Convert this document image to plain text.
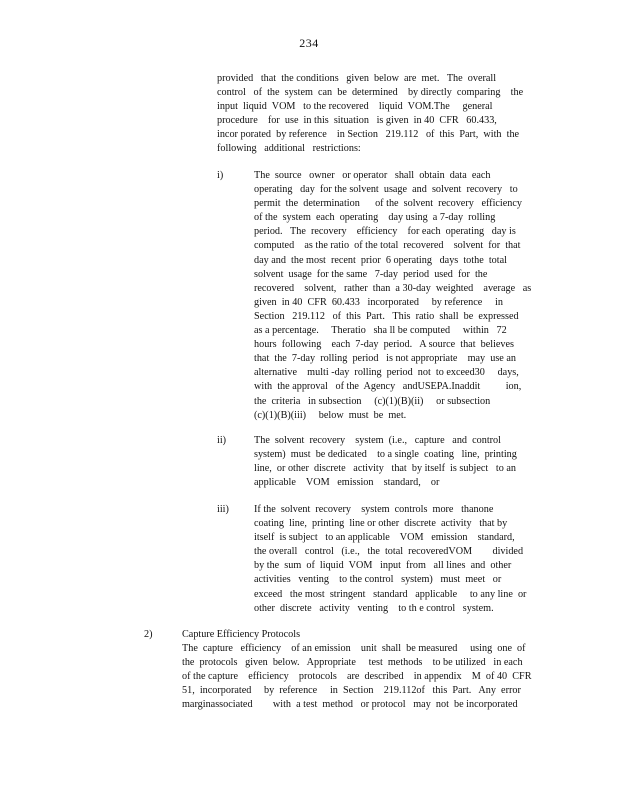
234
provided   that  the conditions   given  below  are  met.   The  overall
control   of  the  system  can  be  determined    by directly  comparing    the
input  liquid  VOM   to the recovered    liquid  VOM.The     general
procedure    for  use  in this  situation   is given  in 40  CFR   60.433,
incor porated  by reference    in Section   219.112   of  this  Part,  with  the
following   additional   restrictions:
i)	The  source   owner   or operator   shall  obtain  data  each
operating   day  for the solvent  usage  and  solvent  recovery   to
permit  the  determination      of the  solvent  recovery   efficiency
of the  system  each  operating    day using  a 7-day  rolling
period.   The  recovery    efficiency    for each  operating   day is
computed    as the ratio  of the total  recovered    solvent  for  that
day and  the most  recent  prior  6 operating   days  tothe  total
solvent  usage  for the same   7-day  period  used  for  the
recovered    solvent,   rather  than  a 30-day  weighted    average   as
given  in 40  CFR  60.433   incorporated     by reference     in
Section   219.112   of  this  Part.   This  ratio  shall  be  expressed
as a percentage.     Theratio   sha ll be computed     within   72
hours  following    each  7-day  period.   A source  that  believes
that  the  7-day  rolling  period   is not appropriate    may  use an
alternative    multi -day  rolling  period  not  to exceed30     days,
with  the approval   of the  Agency   andUSEPA.Inaddit          ion,
the  criteria   in subsection     (c)(1)(B)(ii)     or subsection
(c)(1)(B)(iii)     below  must  be  met.
ii)	The  solvent  recovery    system  (i.e.,   capture   and  control
system)  must  be dedicated    to a single  coating   line,  printing
line,  or other  discrete   activity   that  by itself  is subject   to an
applicable    VOM   emission    standard,    or
iii) If the  solvent  recovery    system  controls  more   thanone
coating  line,  printing  line or other  discrete  activity   that by
itself  is subject   to an applicable    VOM   emission    standard,
the overall   control   (i.e.,   the  total  recoveredVOM        divided
by the  sum  of  liquid  VOM   input  from   all lines  and  other
activities   venting    to the control   system)   must  meet   or
exceed   the most  stringent   standard   applicable     to any line  or
other  discrete   activity   venting    to th e control   system.
2)	Capture Efficiency Protocols
The  capture   efficiency    of an emission    unit  shall  be measured     using  one  of
the  protocols   given  below.   Appropriate     test  methods    to be utilized   in each
of the capture    efficiency    protocols    are  described    in appendix    M  of 40  CFR
51,  incorporated     by  reference     in  Section    219.112of   this  Part.   Any  error
marginassociated        with  a test  method   or protocol   may  not  be incorporated
